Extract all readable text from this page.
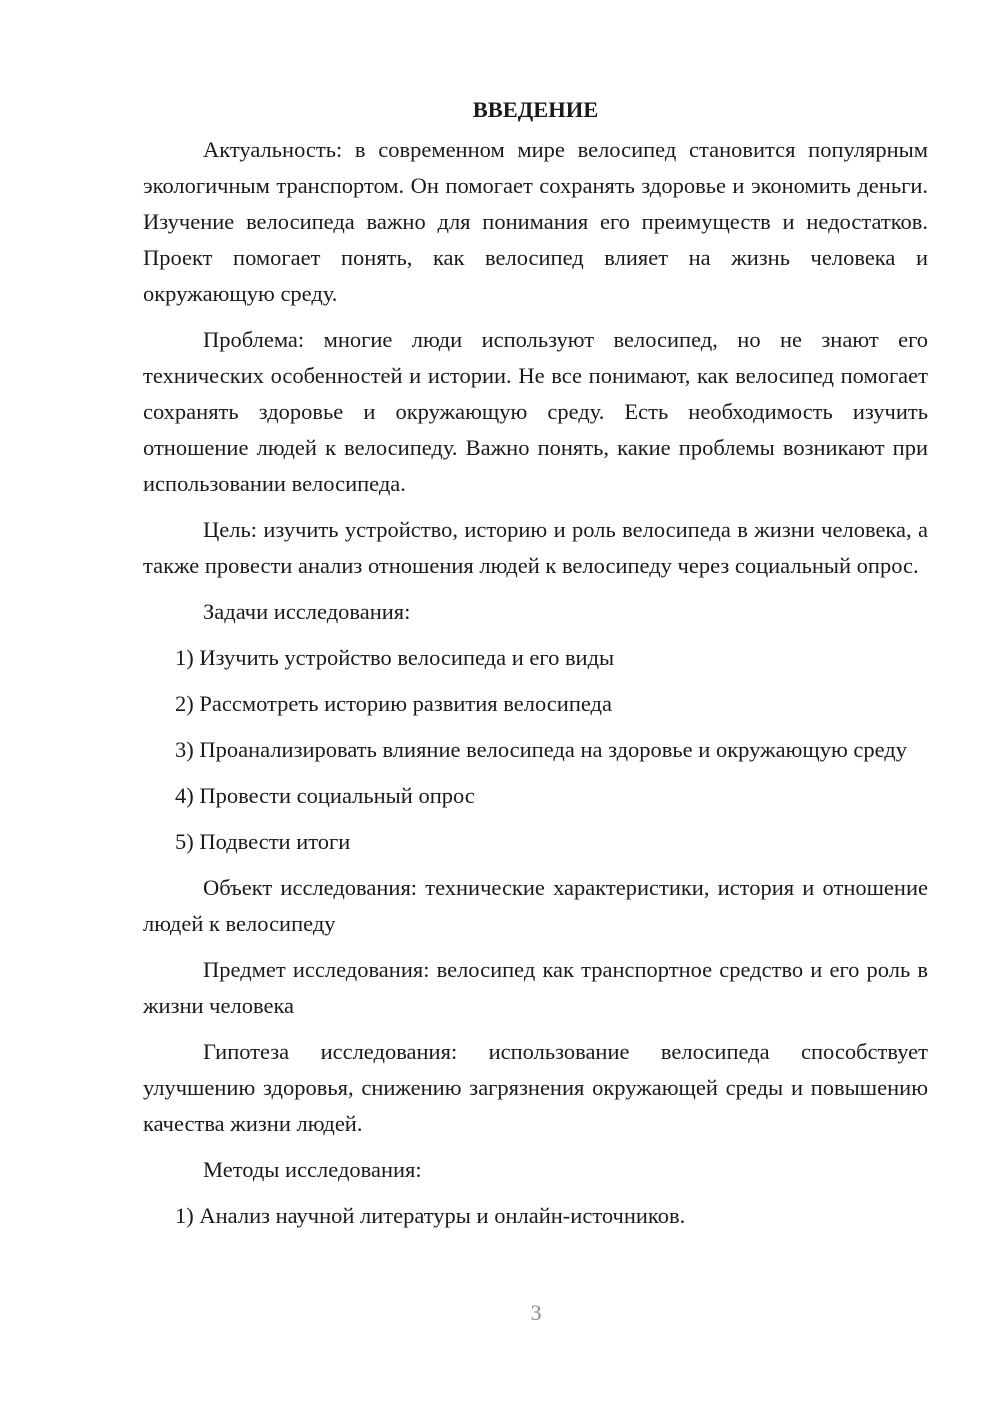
ВВЕДЕНИЕ

Актуальность: в современном мире велосипед становится популярным экологичным транспортом. Он помогает сохранять здоровье и экономить деньги. Изучение велосипеда важно для понимания его преимуществ и недостатков. Проект помогает понять, как велосипед влияет на жизнь человека и окружающую среду.

Проблема: многие люди используют велосипед, но не знают его технических особенностей и истории. Не все понимают, как велосипед помогает сохранять здоровье и окружающую среду. Есть необходимость изучить отношение людей к велосипеду. Важно понять, какие проблемы возникают при использовании велосипеда.

Цель: изучить устройство, историю и роль велосипеда в жизни человека, а также провести анализ отношения людей к велосипеду через социальный опрос.

Задачи исследования:

1) Изучить устройство велосипеда и его виды

2) Рассмотреть историю развития велосипеда

3) Проанализировать влияние велосипеда на здоровье и окружающую среду

4) Провести социальный опрос

5) Подвести итоги

Объект исследования: технические характеристики, история и отношение людей к велосипеду

Предмет исследования: велосипед как транспортное средство и его роль в жизни человека

Гипотеза исследования: использование велосипеда способствует улучшению здоровья, снижению загрязнения окружающей среды и повышению качества жизни людей.

Методы исследования:

1) Анализ научной литературы и онлайн-источников.

3
